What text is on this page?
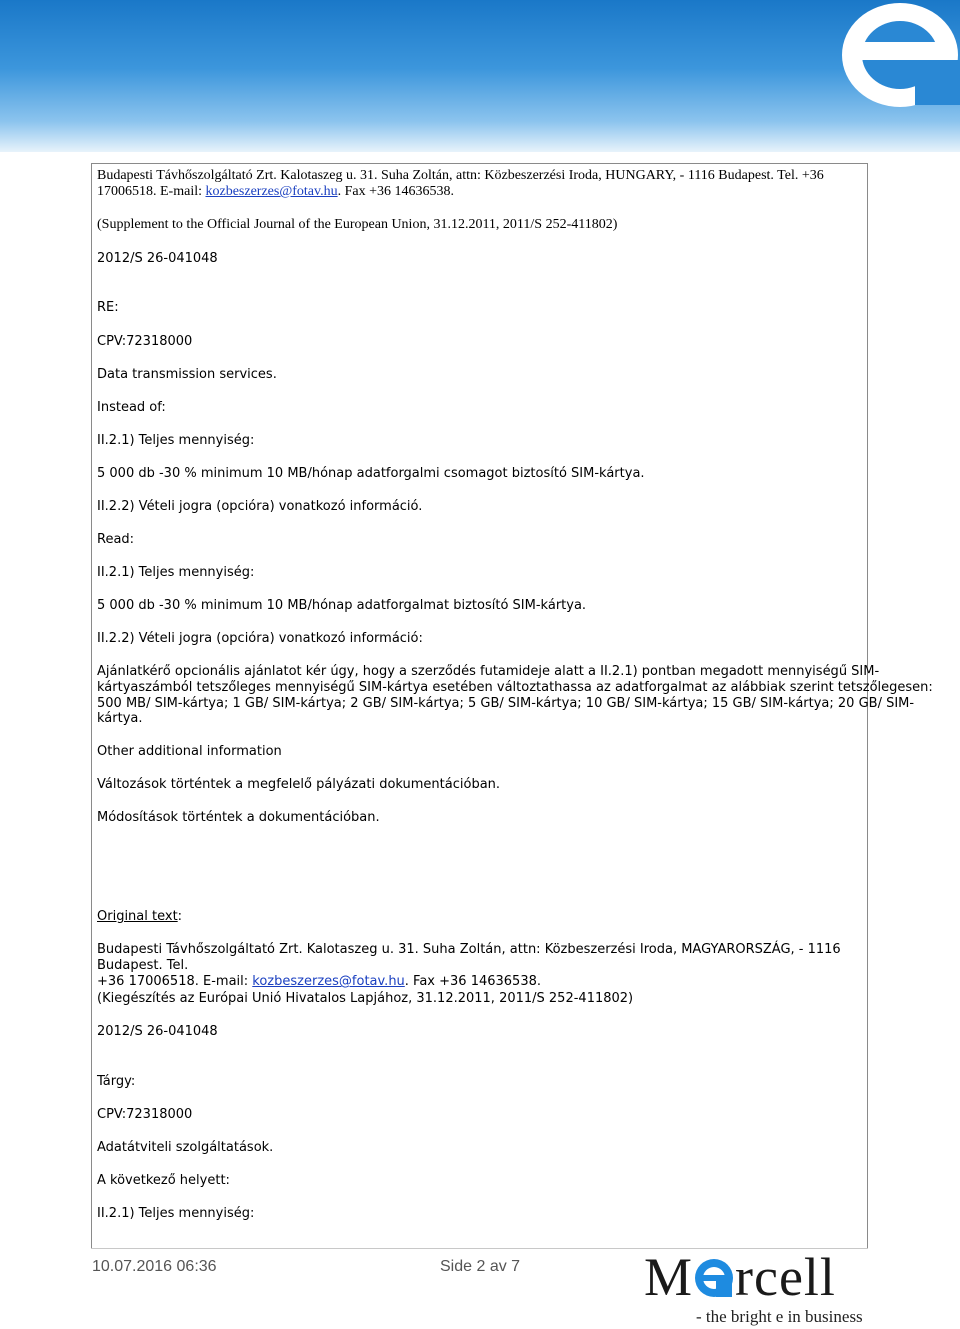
Budapesti Távhőszolgáltató Zrt. Kalotaszeg u. 31. Suha Zoltán, attn: Közbeszerzési Iroda, HUNGARY, - 1116 Budapest. Tel. +36
17006518. E-mail: kozbeszerzes@fotav.hu. Fax +36 14636538.
(Supplement to the Official Journal of the European Union, 31.12.2011, 2011/S 252-411802)
2012/S 26-041048
RE:
CPV:72318000
Data transmission services.
Instead of:
II.2.1) Teljes mennyiség:
5 000 db -30 % minimum 10 MB/hónap adatforgalmi csomagot biztosító SIM-kártya.
II.2.2) Vételi jogra (opcióra) vonatkozó információ.
Read:
II.2.1) Teljes mennyiség:
5 000 db -30 % minimum 10 MB/hónap adatforgalmat biztosító SIM-kártya.
II.2.2) Vételi jogra (opcióra) vonatkozó információ:
Ajánlatkérő opcionális ajánlatot kér úgy, hogy a szerződés futamideje alatt a II.2.1) pontban megadott mennyiségű SIM-
kártyaszámból tetszőleges mennyiségű SIM-kártya esetében változtathassa az adatforgalmat az alábbiak szerint tetszőlegesen:
500 MB/ SIM-kártya; 1 GB/ SIM-kártya; 2 GB/ SIM-kártya; 5 GB/ SIM-kártya; 10 GB/ SIM-kártya; 15 GB/ SIM-kártya; 20 GB/ SIM-
kártya.
Other additional information
Változások történtek a megfelelő pályázati dokumentációban.
Módosítások történtek a dokumentációban.
Original text:
Budapesti Távhőszolgáltató Zrt. Kalotaszeg u. 31. Suha Zoltán, attn: Közbeszerzési Iroda, MAGYARORSZÁG, - 1116 Budapest. Tel.
+36 17006518. E-mail: kozbeszerzes@fotav.hu. Fax +36 14636538.
(Kiegészítés az Európai Unió Hivatalos Lapjához, 31.12.2011, 2011/S 252-411802)
2012/S 26-041048
Tárgy:
CPV:72318000
Adatátviteli szolgáltatások.
A következő helyett:
II.2.1) Teljes mennyiség:
10.07.2016 06:36	Side 2 av 7 M rcell
- the bright e in business
